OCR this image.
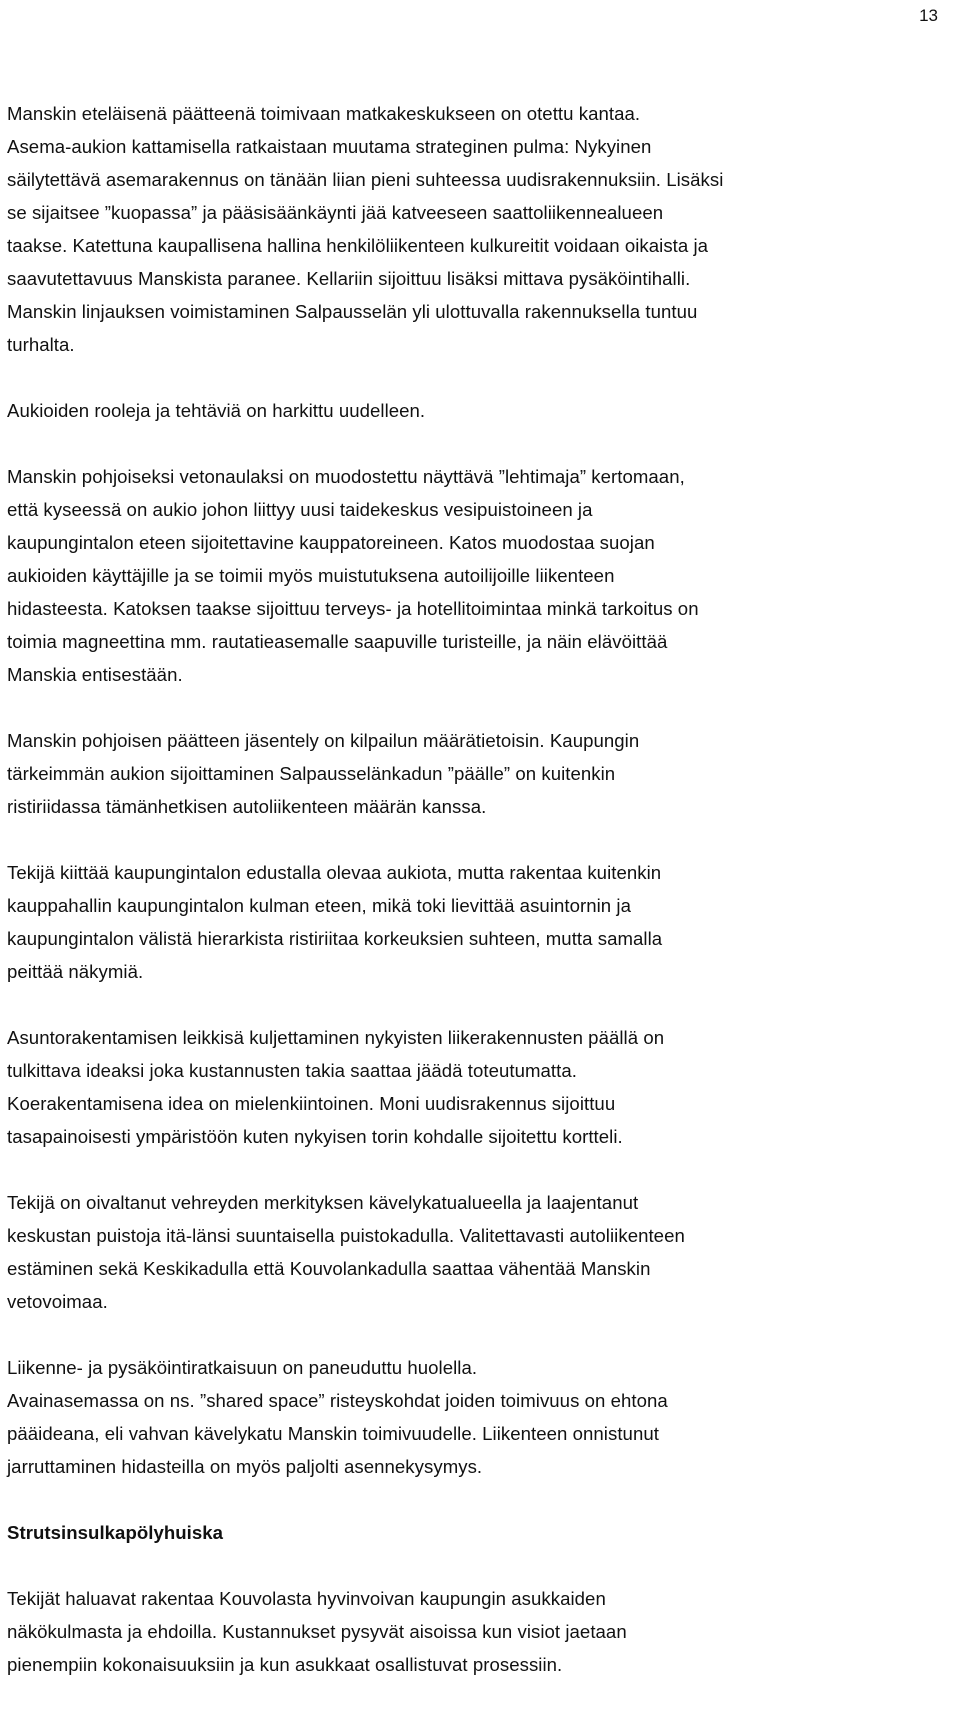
13

Manskin eteläisenä päätteenä toimivaan matkakeskukseen on otettu kantaa.
Asema-aukion kattamisella ratkaistaan muutama strateginen pulma: Nykyinen
säilytettävä asemarakennus on tänään liian pieni suhteessa uudisrakennuksiin. Lisäksi
se sijaitsee ”kuopassa” ja pääsisäänkäynti jää katveeseen saattoliikennealueen
taakse. Katettuna kaupallisena hallina henkilöliikenteen kulkureitit voidaan oikaista ja
saavutettavuus Manskista paranee. Kellariin sijoittuu lisäksi mittava pysäköintihalli.
Manskin linjauksen voimistaminen Salpausselän yli ulottuvalla rakennuksella tuntuu
turhalta.

Aukioiden rooleja ja tehtäviä on harkittu uudelleen.

Manskin pohjoiseksi vetonaulaksi on muodostettu näyttävä ”lehtimaja” kertomaan,
että kyseessä on aukio johon liittyy uusi taidekeskus vesipuistoineen ja
kaupungintalon eteen sijoitettavine kauppatoreineen. Katos muodostaa suojan
aukioiden käyttäjille ja se toimii myös muistutuksena autoilijoille liikenteen
hidasteesta. Katoksen taakse sijoittuu terveys- ja hotellitoimintaa minkä tarkoitus on
toimia magneettina mm. rautatieasemalle saapuville turisteille, ja näin elävöittää
Manskia entisestään.

Manskin pohjoisen päätteen jäsentely on kilpailun määrätietoisin. Kaupungin
tärkeimmän aukion sijoittaminen Salpausselänkadun ”päälle” on kuitenkin
ristiriidassa tämänhetkisen autoliikenteen määrän kanssa.

Tekijä kiittää kaupungintalon edustalla olevaa aukiota, mutta rakentaa kuitenkin
kauppahallin kaupungintalon kulman eteen, mikä toki lievittää asuintornin ja
kaupungintalon välistä hierarkista ristiriitaa korkeuksien suhteen, mutta samalla
peittää näkymiä.

Asuntorakentamisen leikkisä kuljettaminen nykyisten liikerakennusten päällä on
tulkittava ideaksi joka kustannusten takia saattaa jäädä toteutumatta.
Koerakentamisena idea on mielenkiintoinen. Moni uudisrakennus sijoittuu
tasapainoisesti ympäristöön kuten nykyisen torin kohdalle sijoitettu kortteli.

Tekijä on oivaltanut vehreyden merkityksen kävelykatualueella ja laajentanut
keskustan puistoja itä-länsi suuntaisella puistokadulla. Valitettavasti autoliikenteen
estäminen sekä Keskikadulla että Kouvolankadulla saattaa vähentää Manskin
vetovoimaa.

Liikenne- ja pysäköintiratkaisuun on paneuduttu huolella.
Avainasemassa on ns. ”shared space” risteyskohdat joiden toimivuus on ehtona
pääideana, eli vahvan kävelykatu Manskin toimivuudelle. Liikenteen onnistunut
jarruttaminen hidasteilla on myös paljolti asennekysymys.

Strutsinsulkapölyhuiska

Tekijät haluavat rakentaa Kouvolasta hyvinvoivan kaupungin asukkaiden
näkökulmasta ja ehdoilla. Kustannukset pysyvät aisoissa kun visiot jaetaan
pienempiin kokonaisuuksiin ja kun asukkaat osallistuvat prosessiin.
